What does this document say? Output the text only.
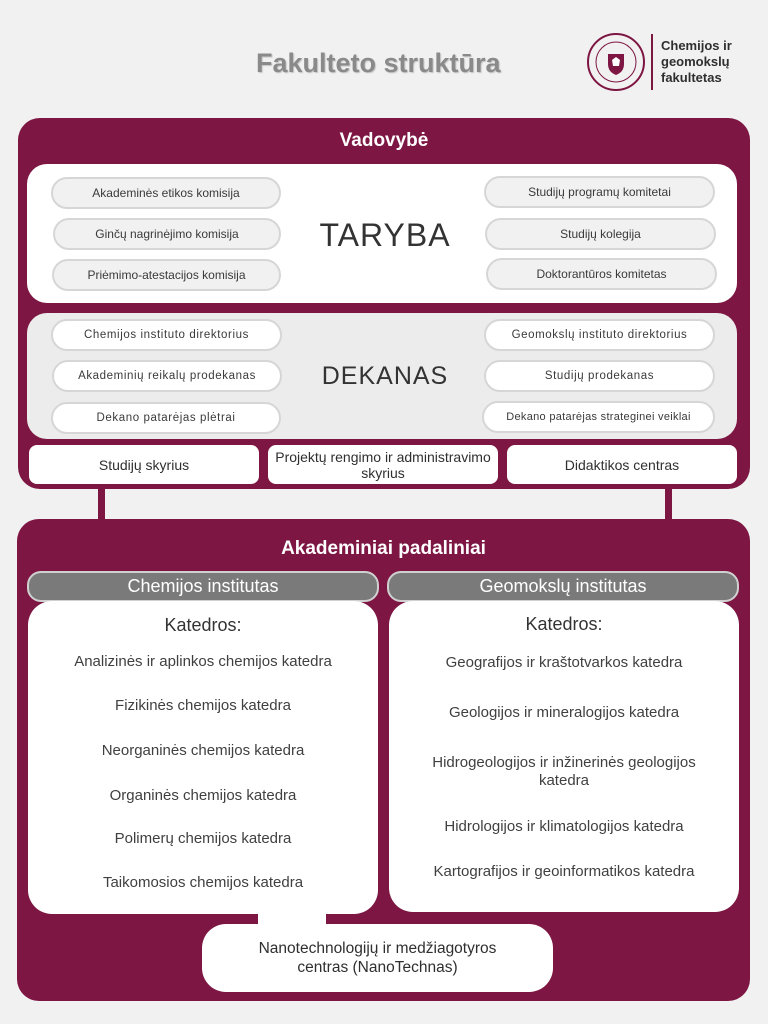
Fakulteto struktūra
Chemijos ir
geomokslų
fakultetas
Vadovybė
TARYBA
Akademinės etikos komisija
Ginčų nagrinėjimo komisija
Priėmimo-atestacijos komisija
Studijų programų komitetai
Studijų kolegija
Doktorantūros komitetas
DEKANAS
Chemijos instituto direktorius
Akademinių reikalų prodekanas
Dekano patarėjas plėtrai
Geomokslų instituto direktorius
Studijų prodekanas
Dekano patarėjas strateginei veiklai
Studijų skyrius	Projektų rengimo ir administravimo skyrius	Didaktikos centras
Akademiniai padaliniai
Chemijos institutas
Katedros:
Analizinės ir aplinkos chemijos katedra
Fizikinės chemijos katedra
Neorganinės chemijos katedra
Organinės chemijos katedra
Polimerų chemijos katedra
Taikomosios chemijos katedra
Geomokslų institutas
Katedros:
Geografijos ir kraštotvarkos katedra
Geologijos ir mineralogijos katedra
Hidrogeologijos ir inžinerinės geologijos katedra
Hidrologijos ir klimatologijos katedra
Kartografijos ir geoinformatikos katedra
Nanotechnologijų ir medžiagotyros centras (NanoTechnas)
